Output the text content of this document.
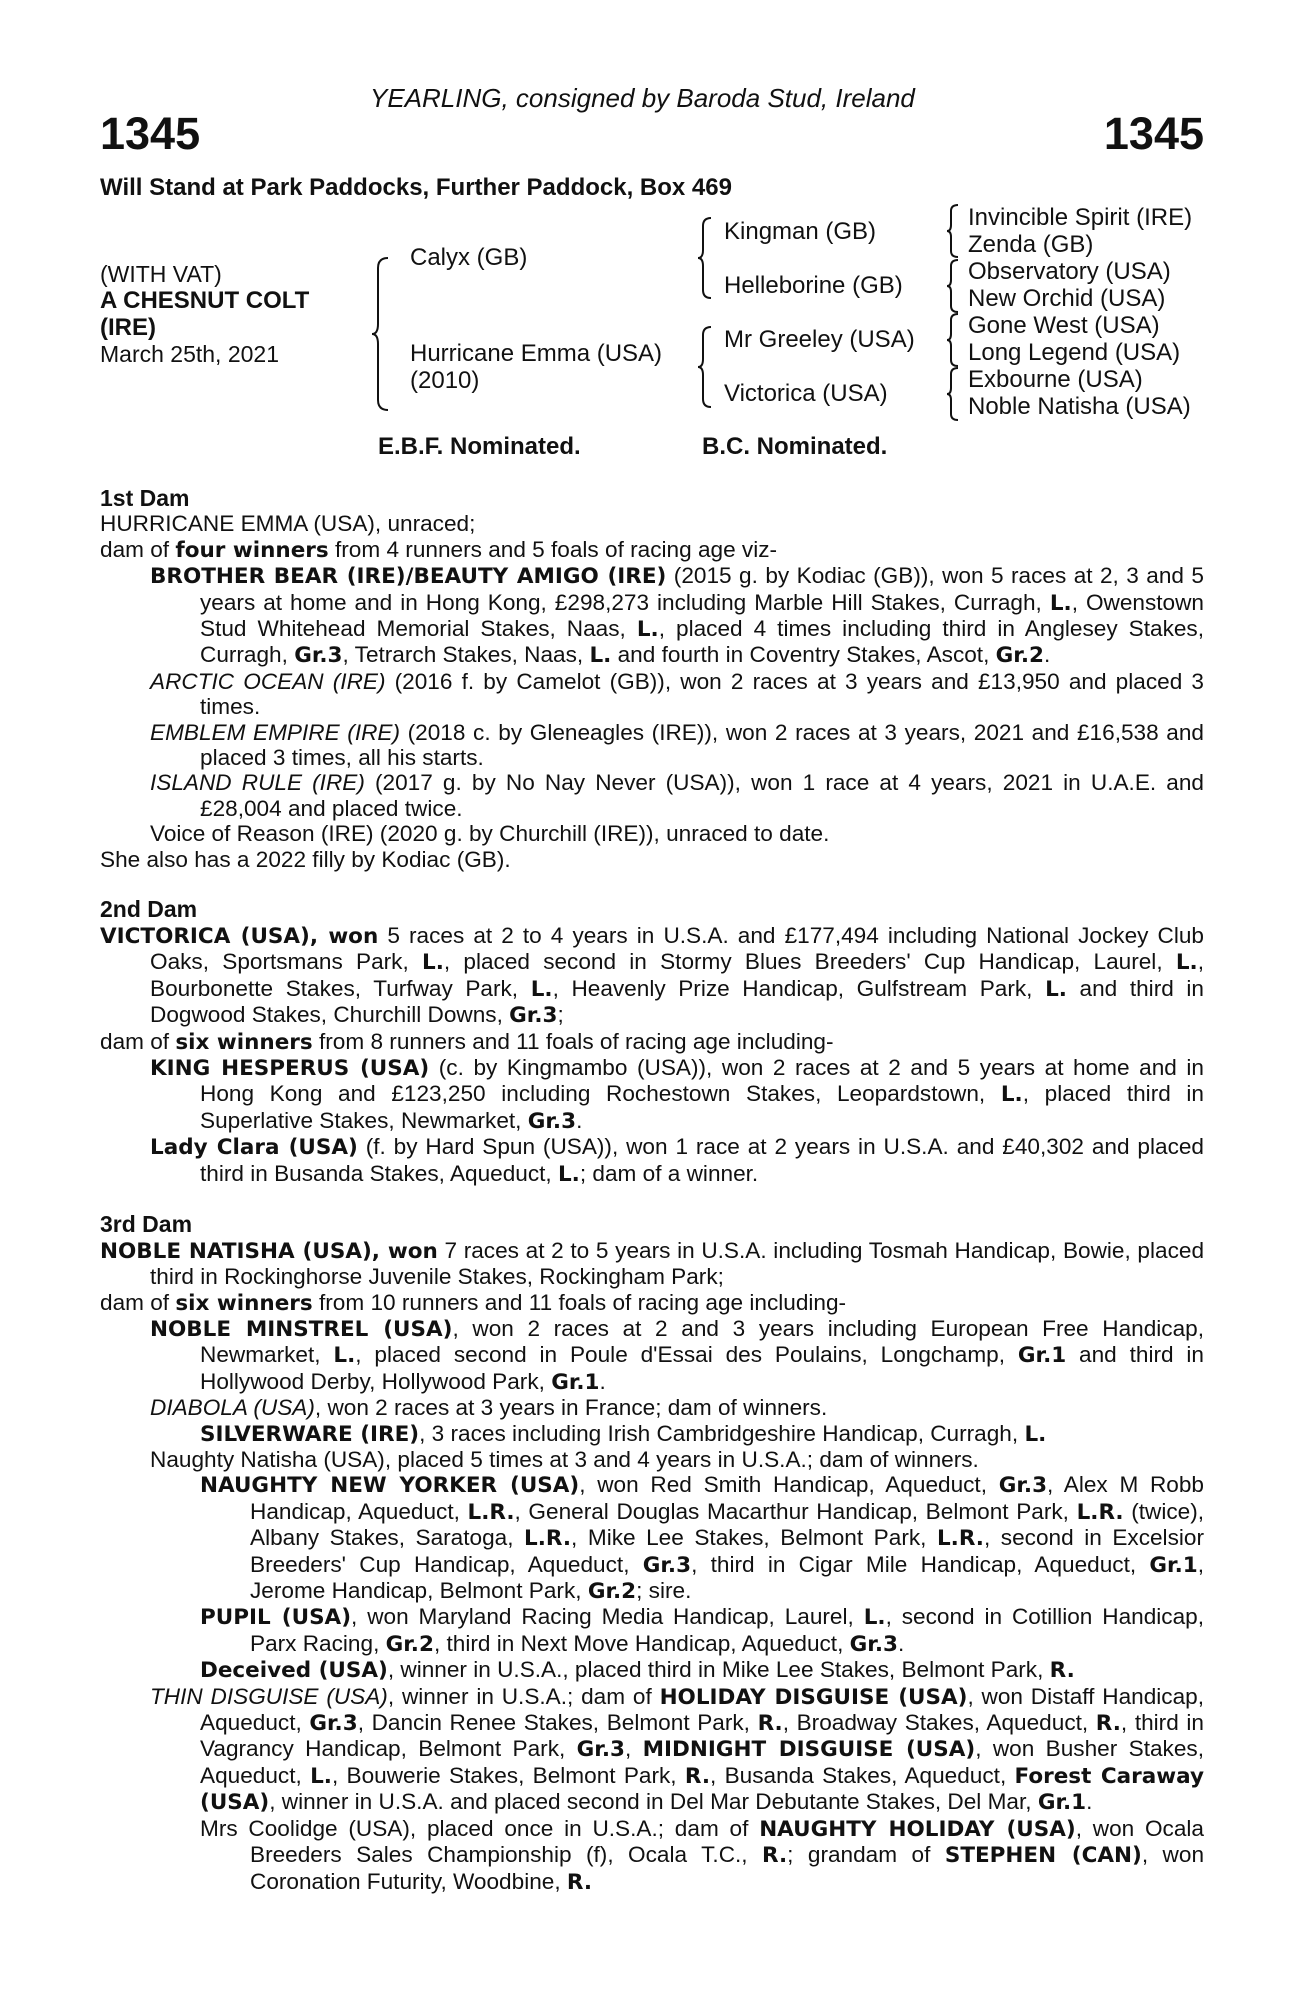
YEARLING, consigned by Baroda Stud, Ireland
1345	1345
Will Stand at Park Paddocks, Further Paddock, Box 469
(WITH VAT)
A CHESNUT COLT
(IRE)
March 25th, 2021
Calyx (GB)
Hurricane Emma (USA)
(2010)
Kingman (GB)
Helleborine (GB)
Mr Greeley (USA)
Victorica (USA)
Invincible Spirit (IRE)
Zenda (GB)
Observatory (USA)
New Orchid (USA)
Gone West (USA)
Long Legend (USA)
Exbourne (USA)
Noble Natisha (USA)
E.B.F. Nominated.	B.C. Nominated.
1st Dam
HURRICANE EMMA (USA), unraced;
dam of four winners from 4 runners and 5 foals of racing age viz-
BROTHER BEAR (IRE)/BEAUTY AMIGO (IRE) (2015 g. by Kodiac (GB)), won 5 races at 2, 3 and 5 years at home and in Hong Kong, £298,273 including Marble Hill Stakes, Curragh, L., Owenstown Stud Whitehead Memorial Stakes, Naas, L., placed 4 times including third in Anglesey Stakes, Curragh, Gr.3, Tetrarch Stakes, Naas, L. and fourth in Coventry Stakes, Ascot, Gr.2.
ARCTIC OCEAN (IRE) (2016 f. by Camelot (GB)), won 2 races at 3 years and £13,950 and placed 3 times.
EMBLEM EMPIRE (IRE) (2018 c. by Gleneagles (IRE)), won 2 races at 3 years, 2021 and £16,538 and placed 3 times, all his starts.
ISLAND RULE (IRE) (2017 g. by No Nay Never (USA)), won 1 race at 4 years, 2021 in U.A.E. and £28,004 and placed twice.
Voice of Reason (IRE) (2020 g. by Churchill (IRE)), unraced to date.
She also has a 2022 filly by Kodiac (GB).
2nd Dam
VICTORICA (USA), won 5 races at 2 to 4 years in U.S.A. and £177,494 including National Jockey Club Oaks, Sportsmans Park, L., placed second in Stormy Blues Breeders' Cup Handicap, Laurel, L., Bourbonette Stakes, Turfway Park, L., Heavenly Prize Handicap, Gulfstream Park, L. and third in Dogwood Stakes, Churchill Downs, Gr.3;
dam of six winners from 8 runners and 11 foals of racing age including-
KING HESPERUS (USA) (c. by Kingmambo (USA)), won 2 races at 2 and 5 years at home and in Hong Kong and £123,250 including Rochestown Stakes, Leopardstown, L., placed third in Superlative Stakes, Newmarket, Gr.3.
Lady Clara (USA) (f. by Hard Spun (USA)), won 1 race at 2 years in U.S.A. and £40,302 and placed third in Busanda Stakes, Aqueduct, L.; dam of a winner.
3rd Dam
NOBLE NATISHA (USA), won 7 races at 2 to 5 years in U.S.A. including Tosmah Handicap, Bowie, placed third in Rockinghorse Juvenile Stakes, Rockingham Park;
dam of six winners from 10 runners and 11 foals of racing age including-
NOBLE MINSTREL (USA), won 2 races at 2 and 3 years including European Free Handicap, Newmarket, L., placed second in Poule d'Essai des Poulains, Longchamp, Gr.1 and third in Hollywood Derby, Hollywood Park, Gr.1.
DIABOLA (USA), won 2 races at 3 years in France; dam of winners.
SILVERWARE (IRE), 3 races including Irish Cambridgeshire Handicap, Curragh, L.
Naughty Natisha (USA), placed 5 times at 3 and 4 years in U.S.A.; dam of winners.
NAUGHTY NEW YORKER (USA), won Red Smith Handicap, Aqueduct, Gr.3, Alex M Robb Handicap, Aqueduct, L.R., General Douglas Macarthur Handicap, Belmont Park, L.R. (twice), Albany Stakes, Saratoga, L.R., Mike Lee Stakes, Belmont Park, L.R., second in Excelsior Breeders' Cup Handicap, Aqueduct, Gr.3, third in Cigar Mile Handicap, Aqueduct, Gr.1, Jerome Handicap, Belmont Park, Gr.2; sire.
PUPIL (USA), won Maryland Racing Media Handicap, Laurel, L., second in Cotillion Handicap, Parx Racing, Gr.2, third in Next Move Handicap, Aqueduct, Gr.3.
Deceived (USA), winner in U.S.A., placed third in Mike Lee Stakes, Belmont Park, R.
THIN DISGUISE (USA), winner in U.S.A.; dam of HOLIDAY DISGUISE (USA), won Distaff Handicap, Aqueduct, Gr.3, Dancin Renee Stakes, Belmont Park, R., Broadway Stakes, Aqueduct, R., third in Vagrancy Handicap, Belmont Park, Gr.3, MIDNIGHT DISGUISE (USA), won Busher Stakes, Aqueduct, L., Bouwerie Stakes, Belmont Park, R., Busanda Stakes, Aqueduct, Forest Caraway (USA), winner in U.S.A. and placed second in Del Mar Debutante Stakes, Del Mar, Gr.1.
Mrs Coolidge (USA), placed once in U.S.A.; dam of NAUGHTY HOLIDAY (USA), won Ocala Breeders Sales Championship (f), Ocala T.C., R.; grandam of STEPHEN (CAN), won Coronation Futurity, Woodbine, R.
